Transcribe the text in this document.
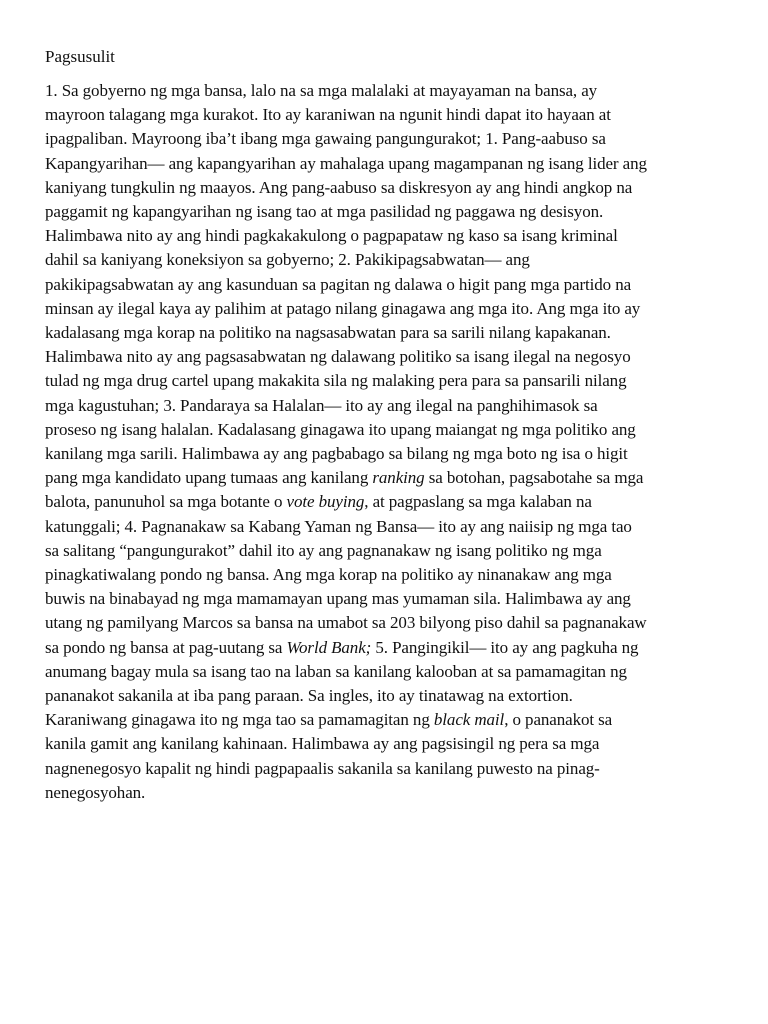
Pagsusulit

1. Sa gobyerno ng mga bansa, lalo na sa mga malalaki at mayayaman na bansa, ay
mayroon talagang mga kurakot. Ito ay karaniwan na ngunit hindi dapat ito hayaan at
ipagpaliban. Mayroong iba’t ibang mga gawaing pangungurakot; 1. Pang-aabuso sa
Kapangyarihan— ang kapangyarihan ay mahalaga upang magampanan ng isang lider ang
kaniyang tungkulin ng maayos. Ang pang-aabuso sa diskresyon ay ang hindi angkop na
paggamit ng kapangyarihan ng isang tao at mga pasilidad ng paggawa ng desisyon.
Halimbawa nito ay ang hindi pagkakakulong o pagpapataw ng kaso sa isang kriminal
dahil sa kaniyang koneksiyon sa gobyerno; 2. Pakikipagsabwatan— ang
pakikipagsabwatan ay ang kasunduan sa pagitan ng dalawa o higit pang mga partido na
minsan ay ilegal kaya ay palihim at patago nilang ginagawa ang mga ito. Ang mga ito ay
kadalasang mga korap na politiko na nagsasabwatan para sa sarili nilang kapakanan.
Halimbawa nito ay ang pagsasabwatan ng dalawang politiko sa isang ilegal na negosyo
tulad ng mga drug cartel upang makakita sila ng malaking pera para sa pansarili nilang
mga kagustuhan; 3. Pandaraya sa Halalan— ito ay ang ilegal na panghihimasok sa
proseso ng isang halalan. Kadalasang ginagawa ito upang maiangat ng mga politiko ang
kanilang mga sarili. Halimbawa ay ang pagbabago sa bilang ng mga boto ng isa o higit
pang mga kandidato upang tumaas ang kanilang ranking sa botohan, pagsabotahe sa mga
balota, panunuhol sa mga botante o vote buying, at pagpaslang sa mga kalaban na
katunggali; 4. Pagnanakaw sa Kabang Yaman ng Bansa— ito ay ang naiisip ng mga tao
sa salitang “pangungurakot” dahil ito ay ang pagnanakaw ng isang politiko ng mga
pinagkatiwalang pondo ng bansa. Ang mga korap na politiko ay ninanakaw ang mga
buwis na binabayad ng mga mamamayan upang mas yumaman sila. Halimbawa ay ang
utang ng pamilyang Marcos sa bansa na umabot sa 203 bilyong piso dahil sa pagnanakaw
sa pondo ng bansa at pag-uutang sa World Bank; 5. Pangingikil— ito ay ang pagkuha ng
anumang bagay mula sa isang tao na laban sa kanilang kalooban at sa pamamagitan ng
pananakot sakanila at iba pang paraan. Sa ingles, ito ay tinatawag na extortion.
Karaniwang ginagawa ito ng mga tao sa pamamagitan ng black mail, o pananakot sa
kanila gamit ang kanilang kahinaan. Halimbawa ay ang pagsisingil ng pera sa mga
nagnenegosyo kapalit ng hindi pagpapaalis sakanila sa kanilang puwesto na pinag-
nenegosyohan.
